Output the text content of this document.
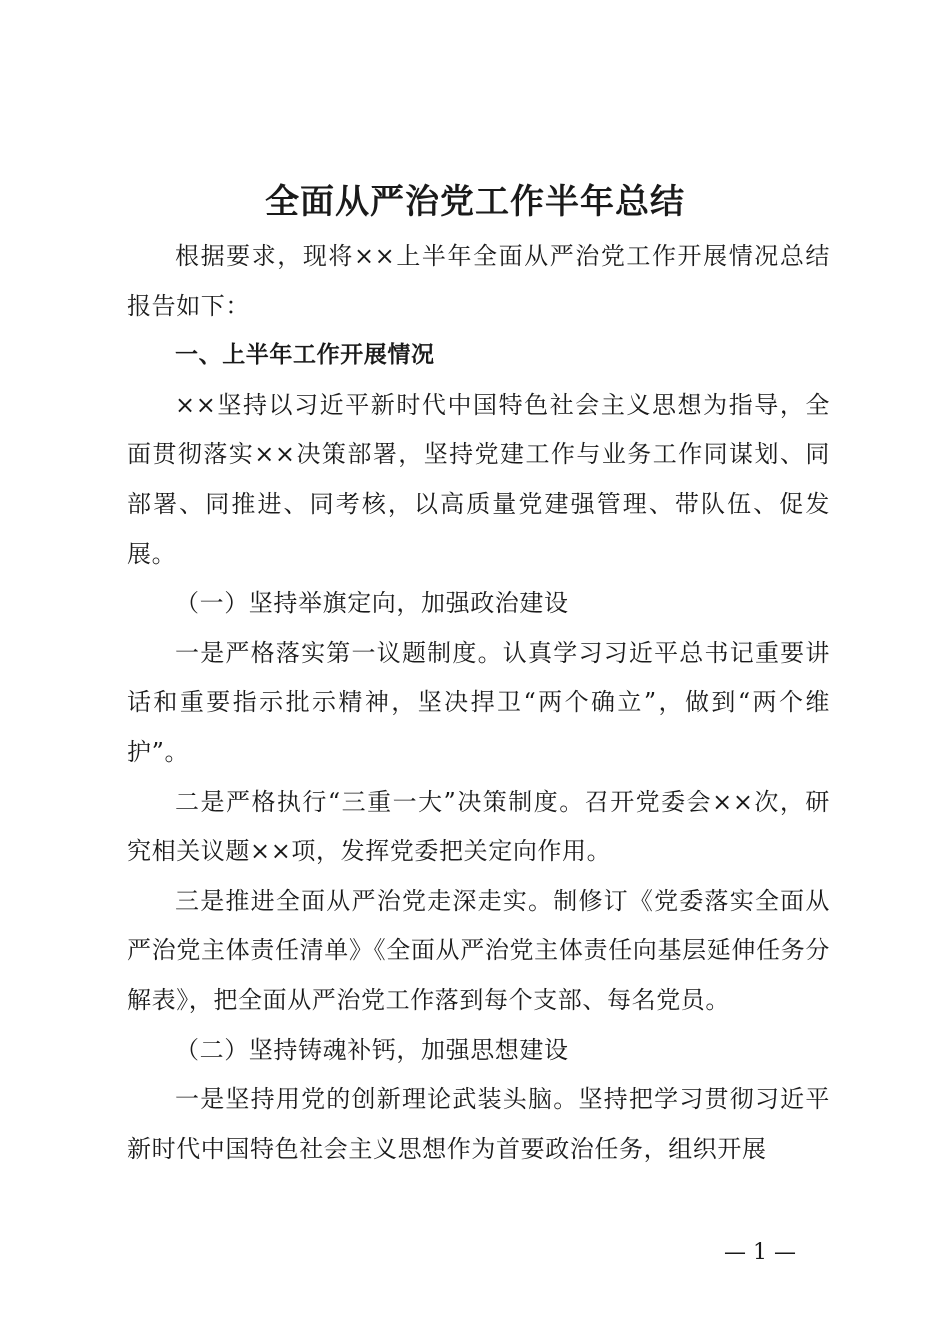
全面从严治党工作半年总结

根据要求，现将××上半年全面从严治党工作开展情况总结报告如下：

一、上半年工作开展情况

××坚持以习近平新时代中国特色社会主义思想为指导，全面贯彻落实××决策部署，坚持党建工作与业务工作同谋划、同部署、同推进、同考核，以高质量党建强管理、带队伍、促发展。

（一）坚持举旗定向，加强政治建设

一是严格落实第一议题制度。认真学习习近平总书记重要讲话和重要指示批示精神，坚决捍卫“两个确立”，做到“两个维护”。

二是严格执行“三重一大”决策制度。召开党委会××次，研究相关议题××项，发挥党委把关定向作用。

三是推进全面从严治党走深走实。制修订《党委落实全面从严治党主体责任清单》《全面从严治党主体责任向基层延伸任务分解表》，把全面从严治党工作落到每个支部、每名党员。

（二）坚持铸魂补钙，加强思想建设

一是坚持用党的创新理论武装头脑。坚持把学习贯彻习近平新时代中国特色社会主义思想作为首要政治任务，组织开展

— 1 —
